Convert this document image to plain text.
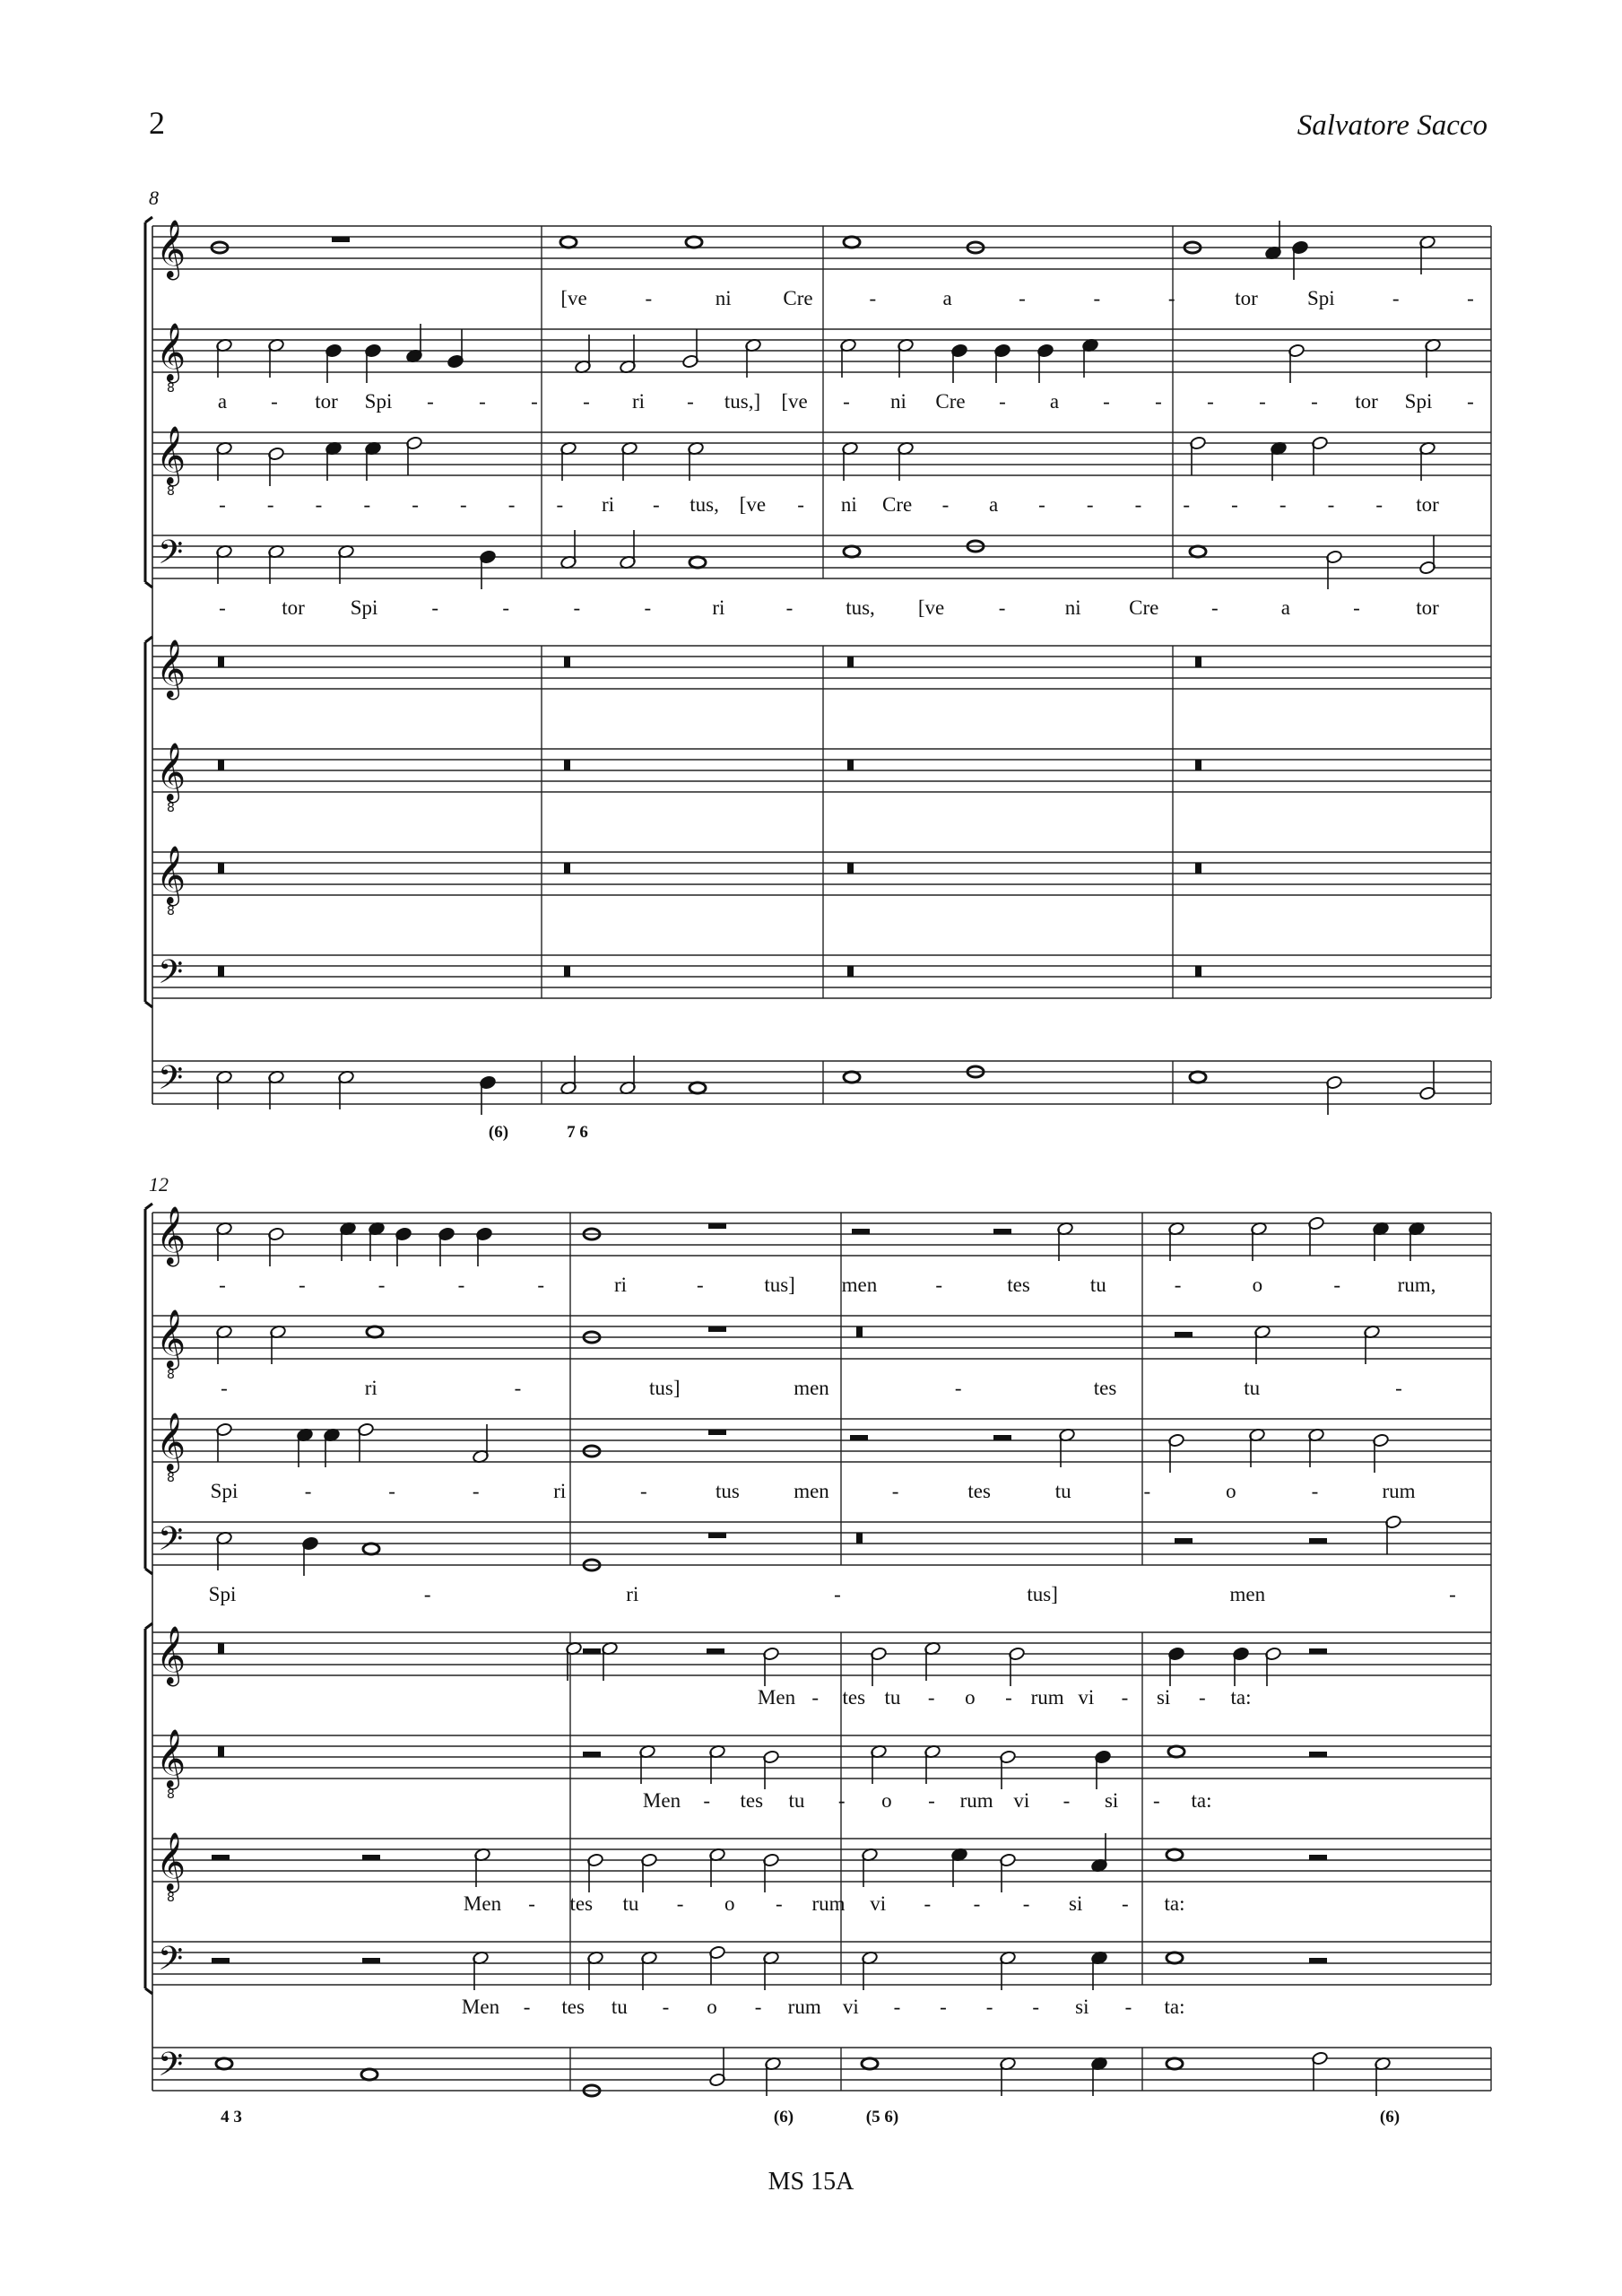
2	Salvatore Sacco
8
12
MS 15A
𝄞
𝄞
8
𝄞
8
𝄢
𝄞
𝄞
8
𝄞
8
𝄢
𝄢
𝄞
𝄞
8
𝄞
8
𝄢
𝄞
𝄞
8
𝄞
8
𝄢
𝄢
[ve	-	ni	Cre	-	a	-	-	-	tor Spi	-	-
a - tor Spi - - - - ri - tus,] [ve - ni Cre - a - - - - - tor Spi -
- - - - - - - - ri - tus, [ve - ni Cre - a - - - - - - - - tor
-	tor Spi	-	-	-	-	ri	-	tus, [ve	-	ni Cre	-	a	-	tor
-	-	-	-	-	ri	-	tus] men	-	tes	tu	-	o	-	rum,
-	ri	-	tus]	men	-	tes	tu	-
Spi	-	-	-	ri	-	tus	men	-	tes	tu	-	o	-	rum
Spi	-	ri	-	tus]	men	-
Men - tes tu - o - rum vi - si - ta:
Men - tes tu - o - rum vi - si - ta:
Men - tes tu - o - rum vi - - - si - ta:
Men - tes tu - o - rum vi - - - - si - ta:
(6)	7 6
4 3	(6)	(5 6)	(6)
